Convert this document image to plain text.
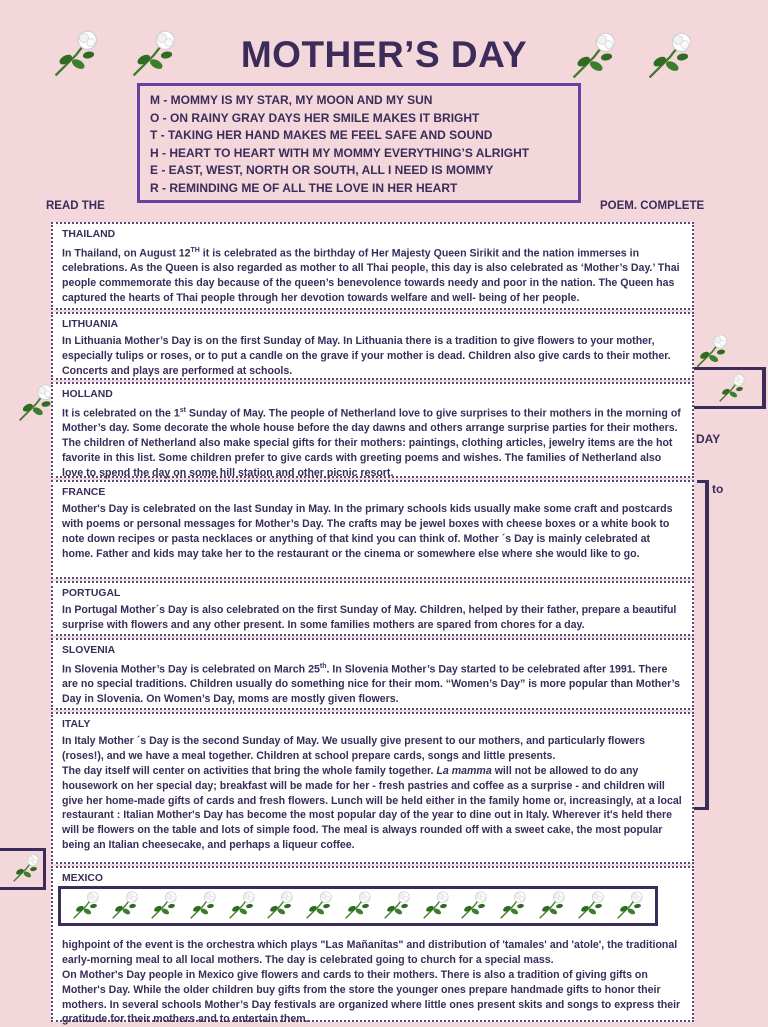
MOTHER’S DAY
M - MOMMY IS MY STAR, MY MOON AND MY SUN
O - ON RAINY GRAY DAYS HER SMILE MAKES IT BRIGHT
T - TAKING HER HAND MAKES ME FEEL SAFE AND SOUND
H - HEART TO HEART WITH MY MOMMY EVERYTHING’S ALRIGHT
E - EAST, WEST, NORTH OR SOUTH, ALL I NEED IS MOMMY
R - REMINDING ME OF ALL THE LOVE IN HER HEART
READ THE	POEM. COMPLETE
DAY
to
THAILAND

In Thailand, on August 12TH it is celebrated as the birthday of Her Majesty Queen Sirikit and the nation immerses in celebrations. As the Queen is also regarded as mother to all Thai people, this day is also celebrated as ‘Mother’s Day.’ Thai people commemorate this day because of the queen’s benevolence towards needy and poor in the nation. The Queen has captured the hearts of Thai people through her devotion towards welfare and well- being of her people.

LITHUANIA

In Lithuania Mother’s Day is on the first Sunday of May. In Lithuania there is a tradition to give flowers to your mother, especially tulips or roses, or to put a candle on the grave if your mother is dead. Children also give cards to their mother. Concerts and plays are performed at schools.

HOLLAND

It is celebrated on the 1st Sunday of May. The people of Netherland love to give surprises to their mothers in the morning of Mother’s day. Some decorate the whole house before the day dawns and others arrange surprise parties for their mothers. The children of Netherland also make special gifts for their mothers: paintings, clothing articles, jewelry items are the hot favorite in this list. Some children prefer to give cards with greeting poems and wishes. The families of Netherland also love to spend the day on some hill station and other picnic resort.

FRANCE

Mother's Day is celebrated on the last Sunday in May. In the primary schools kids usually make some craft and postcards with poems or personal messages for Mother’s Day. The crafts may be jewel boxes with cheese boxes or a white book to note down recipes or pasta necklaces or anything of that kind you can think of. Mother ´s Day is mainly celebrated at home. Father and kids may take her to the restaurant or the cinema or somewhere else where she would like to go.

PORTUGAL

In Portugal Mother´s Day is also celebrated on the first Sunday of May. Children, helped by their father, prepare a beautiful surprise with flowers and any other present. In some families mothers are spared from chores for a day.

SLOVENIA

In Slovenia Mother’s Day is celebrated on March 25th. In Slovenia Mother’s Day started to be celebrated after 1991. There are no special traditions. Children usually do something nice for their mom. “Women’s Day” is more popular than Mother’s Day in Slovenia. On Women’s Day, moms are mostly given flowers.

ITALY

In Italy Mother ´s Day is the second Sunday of May. We usually give present to our mothers, and particularly flowers (roses!), and we have a meal together. Children at school prepare cards, songs and little presents.

The day itself will center on activities that bring the whole family together. La mamma will not be allowed to do any housework on her special day; breakfast will be made for her - fresh pastries and coffee as a surprise - and children will give her home-made gifts of cards and fresh flowers. Lunch will be held either in the family home or, increasingly, at a local restaurant : Italian Mother's Day has become the most popular day of the year to dine out in Italy. Wherever it's held there will be flowers on the table and lots of simple food. The meal is always rounded off with a sweet cake, the most popular being an Italian cheesecake, and perhaps a liqueur coffee.

MEXICO

highpoint of the event is the orchestra which plays "Las Mañanitas" and distribution of 'tamales' and 'atole', the traditional early-morning meal to all local mothers. The day is celebrated going to church for a special mass.

On Mother's Day people in Mexico give flowers and cards to their mothers. There is also a tradition of giving gifts on Mother's Day. While the older children buy gifts from the store the younger ones prepare handmade gifts to honor their mothers. In several schools Mother’s Day festivals are organized where little ones present skits and songs to express their gratitude for their mothers and to entertain them.
